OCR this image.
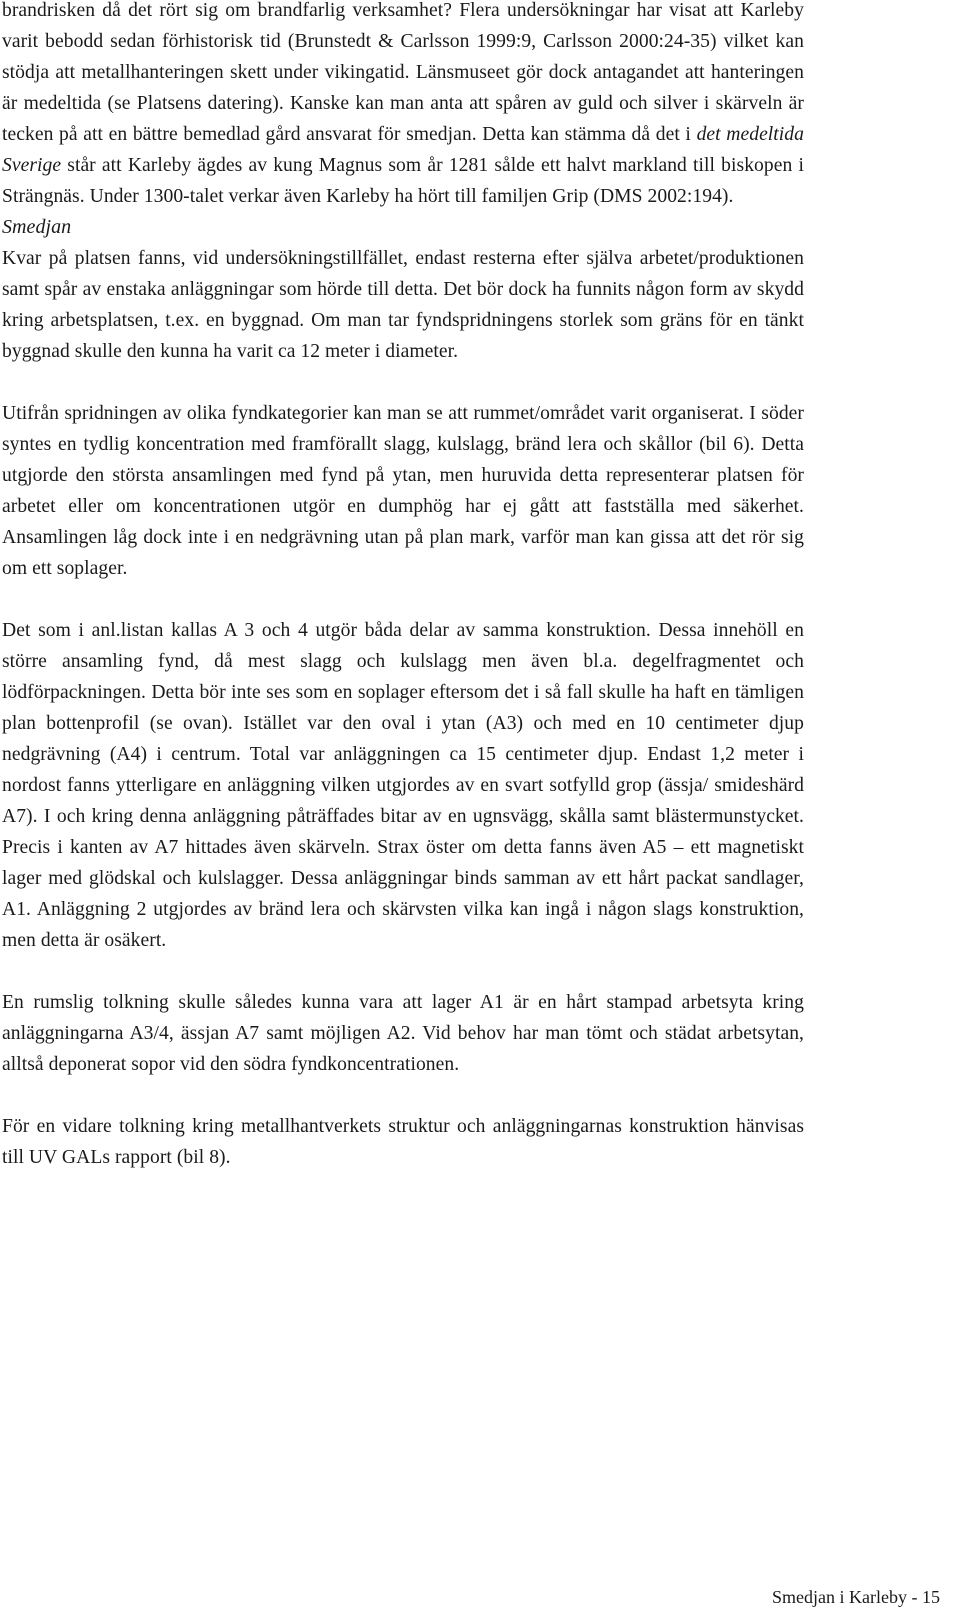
brandrisken då det rört sig om brandfarlig verksamhet? Flera undersökningar har visat att Karleby varit bebodd sedan förhistorisk tid (Brunstedt & Carlsson 1999:9, Carlsson 2000:24-35) vilket kan stödja att metallhanteringen skett under vikingatid. Länsmuseet gör dock antagandet att hanteringen är medeltida (se Platsens datering). Kanske kan man anta att spåren av guld och silver i skärveln är tecken på att en bättre bemedlad gård ansvarat för smedjan. Detta kan stämma då det i det medeltida Sverige står att Karleby ägdes av kung Magnus som år 1281 sålde ett halvt markland till biskopen i Strängnäs. Under 1300-talet verkar även Karleby ha hört till familjen Grip (DMS 2002:194).

Smedjan

Kvar på platsen fanns, vid undersökningstillfället, endast resterna efter själva arbetet/produktionen samt spår av enstaka anläggningar som hörde till detta. Det bör dock ha funnits någon form av skydd kring arbetsplatsen, t.ex. en byggnad. Om man tar fyndspridningens storlek som gräns för en tänkt byggnad skulle den kunna ha varit ca 12 meter i diameter.

Utifrån spridningen av olika fyndkategorier kan man se att rummet/området varit organiserat. I söder syntes en tydlig koncentration med framförallt slagg, kulslagg, bränd lera och skållor (bil 6). Detta utgjorde den största ansamlingen med fynd på ytan, men huruvida detta representerar platsen för arbetet eller om koncentrationen utgör en dumphög har ej gått att fastställa med säkerhet. Ansamlingen låg dock inte i en nedgrävning utan på plan mark, varför man kan gissa att det rör sig om ett soplager.

Det som i anl.listan kallas A 3 och 4 utgör båda delar av samma konstruktion. Dessa innehöll en större ansamling fynd, då mest slagg och kulslagg men även bl.a. degelfragmentet och lödförpackningen. Detta bör inte ses som en soplager eftersom det i så fall skulle ha haft en tämligen plan bottenprofil (se ovan). Istället var den oval i ytan (A3) och med en 10 centimeter djup nedgrävning (A4) i centrum. Total var anläggningen ca 15 centimeter djup. Endast 1,2 meter i nordost fanns ytterligare en anläggning vilken utgjordes av en svart sotfylld grop (ässja/ smideshärd A7). I och kring denna anläggning påträffades bitar av en ugnsvägg, skålla samt blästermunstycket. Precis i kanten av A7 hittades även skärveln. Strax öster om detta fanns även A5 – ett magnetiskt lager med glödskal och kulslagger. Dessa anläggningar binds samman av ett hårt packat sandlager, A1. Anläggning 2 utgjordes av bränd lera och skärvsten vilka kan ingå i någon slags konstruktion, men detta är osäkert.

En rumslig tolkning skulle således kunna vara att lager A1 är en hårt stampad arbetsyta kring anläggningarna A3/4, ässjan A7 samt möjligen A2. Vid behov har man tömt och städat arbetsytan, alltså deponerat sopor vid den södra fyndkoncentrationen.

För en vidare tolkning kring metallhantverkets struktur och anläggningarnas konstruktion hänvisas till UV GALs rapport (bil 8).

Smedjan i Karleby - 15
